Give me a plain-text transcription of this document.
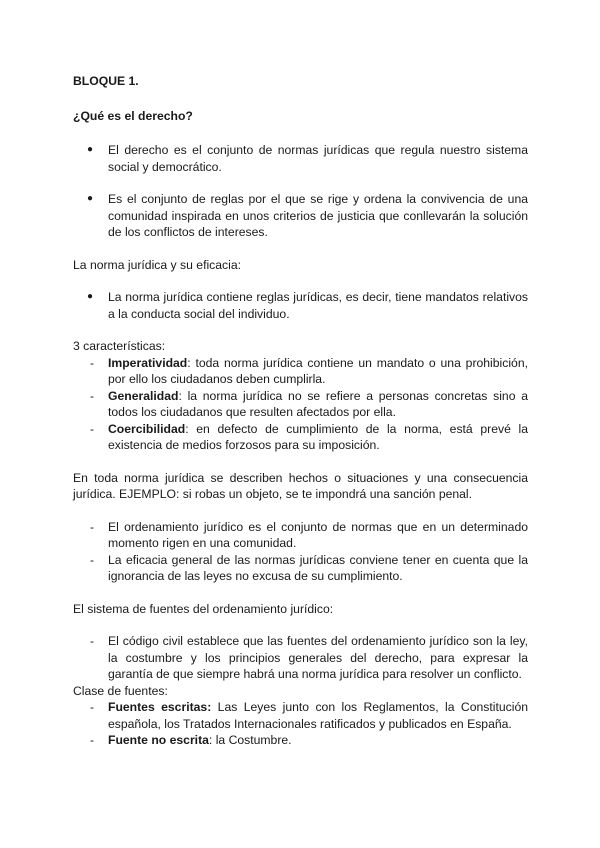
BLOQUE 1.

¿Qué es el derecho?

● El derecho es el conjunto de normas jurídicas que regula nuestro sistema social y democrático.
● Es el conjunto de reglas por el que se rige y ordena la convivencia de una comunidad inspirada en unos criterios de justicia que conllevarán la solución de los conflictos de intereses.

La norma jurídica y su eficacia:

● La norma jurídica contiene reglas jurídicas, es decir, tiene mandatos relativos a la conducta social del individuo.

3 características:

- Imperatividad: toda norma jurídica contiene un mandato o una prohibición, por ello los ciudadanos deben cumplirla.
- Generalidad: la norma jurídica no se refiere a personas concretas sino a todos los ciudadanos que resulten afectados por ella.
- Coercibilidad: en defecto de cumplimiento de la norma, está prevé la existencia de medios forzosos para su imposición.

En toda norma jurídica se describen hechos o situaciones y una consecuencia jurídica. EJEMPLO: si robas un objeto, se te impondrá una sanción penal.

- El ordenamiento jurídico es el conjunto de normas que en un determinado momento rigen en una comunidad.
- La eficacia general de las normas jurídicas conviene tener en cuenta que la ignorancia de las leyes no excusa de su cumplimiento.

El sistema de fuentes del ordenamiento jurídico:

- El código civil establece que las fuentes del ordenamiento jurídico son la ley, la costumbre y los principios generales del derecho, para expresar la garantía de que siempre habrá una norma jurídica para resolver un conflicto.

Clase de fuentes:

- Fuentes escritas: Las Leyes junto con los Reglamentos, la Constitución española, los Tratados Internacionales ratificados y publicados en España.
- Fuente no escrita: la Costumbre.
